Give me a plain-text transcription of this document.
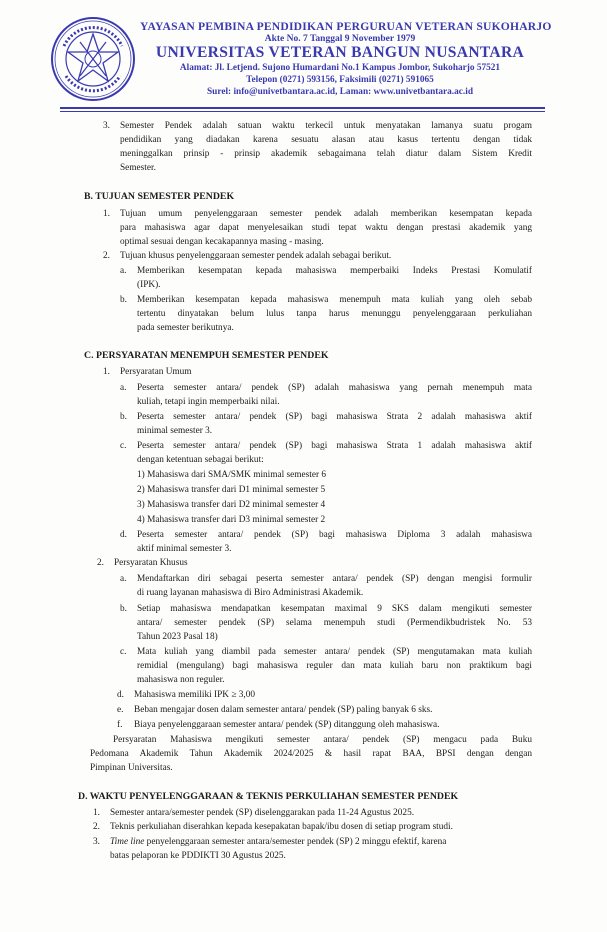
YAYASAN PEMBINA PENDIDIKAN PERGURUAN VETERAN SUKOHARJO
Akte No. 7 Tanggal 9 November 1979
UNIVERSITAS VETERAN BANGUN NUSANTARA
Alamat: Jl. Letjend. Sujono Humardani No.1 Kampus Jombor, Sukoharjo 57521
Telepon (0271) 593156, Faksimili (0271) 591065
Surel: info@univetbantara.ac.id, Laman: www.univetbantara.ac.id
3. Semester Pendek adalah satuan waktu terkecil untuk menyatakan lamanya suatu progam
pendidikan yang diadakan karena sesuatu alasan atau kasus tertentu dengan tidak
meninggalkan prinsip - prinsip akademik sebagaimana telah diatur dalam Sistem Kredit
Semester.
B. TUJUAN SEMESTER PENDEK
1. Tujuan umum penyelenggaraan semester pendek adalah memberikan kesempatan kepada
para mahasiswa agar dapat menyelesaikan studi tepat waktu dengan prestasi akademik yang
optimal sesuai dengan kecakapannya masing - masing.
2. Tujuan khusus penyelenggaraan semester pendek adalah sebagai berikut.
a. Memberikan kesempatan kepada mahasiswa memperbaiki Indeks Prestasi Komulatif
(IPK).
b. Memberikan kesempatan kepada mahasiswa menempuh mata kuliah yang oleh sebab
tertentu dinyatakan belum lulus tanpa harus menunggu penyelenggaraan perkuliahan
pada semester berikutnya.
C. PERSYARATAN MENEMPUH SEMESTER PENDEK
1. Persyaratan Umum
a. Peserta semester antara/ pendek (SP) adalah mahasiswa yang pernah menempuh mata
kuliah, tetapi ingin memperbaiki nilai.
b. Peserta semester antara/ pendek (SP) bagi mahasiswa Strata 2 adalah mahasiswa aktif
minimal semester 3.
c. Peserta semester antara/ pendek (SP) bagi mahasiswa Strata 1 adalah mahasiswa aktif
dengan ketentuan sebagai berikut:
1) Mahasiswa dari SMA/SMK minimal semester 6
2) Mahasiswa transfer dari D1 minimal semester 5
3) Mahasiswa transfer dari D2 minimal semester 4
4) Mahasiswa transfer dari D3 minimal semester 2
d. Peserta semester antara/ pendek (SP) bagi mahasiswa Diploma 3 adalah mahasiswa
aktif minimal semester 3.
2. Persyaratan Khusus
a. Mendaftarkan diri sebagai peserta semester antara/ pendek (SP) dengan mengisi formulir
di ruang layanan mahasiswa di Biro Administrasi Akademik.
b. Setiap mahasiswa mendapatkan kesempatan maximal 9 SKS dalam mengikuti semester
antara/ semester pendek (SP) selama menempuh studi (Permendikbudristek No. 53
Tahun 2023 Pasal 18)
c. Mata kuliah yang diambil pada semester antara/ pendek (SP) mengutamakan mata kuliah
remidial (mengulang) bagi mahasiswa reguler dan mata kuliah baru non praktikum bagi
mahasiswa non reguler.
d. Mahasiswa memiliki IPK ≥ 3,00
e. Beban mengajar dosen dalam semester antara/ pendek (SP) paling banyak 6 sks.
f. Biaya penyelenggaraan semester antara/ pendek (SP) ditanggung oleh mahasiswa.
Persyaratan Mahasiswa mengikuti semester antara/ pendek (SP) mengacu pada Buku
Pedomana Akademik Tahun Akademik 2024/2025 & hasil rapat BAA, BPSI dengan dengan
Pimpinan Universitas.
D. WAKTU PENYELENGGARAAN & TEKNIS PERKULIAHAN SEMESTER PENDEK
1. Semester antara/semester pendek (SP) diselenggarakan pada 11-24 Agustus 2025.
2. Teknis perkuliahan diserahkan kepada kesepakatan bapak/ibu dosen di setiap program studi.
3. Time line penyelenggaraan semester antara/semester pendek (SP) 2 minggu efektif, karena
batas pelaporan ke PDDIKTI 30 Agustus 2025.
